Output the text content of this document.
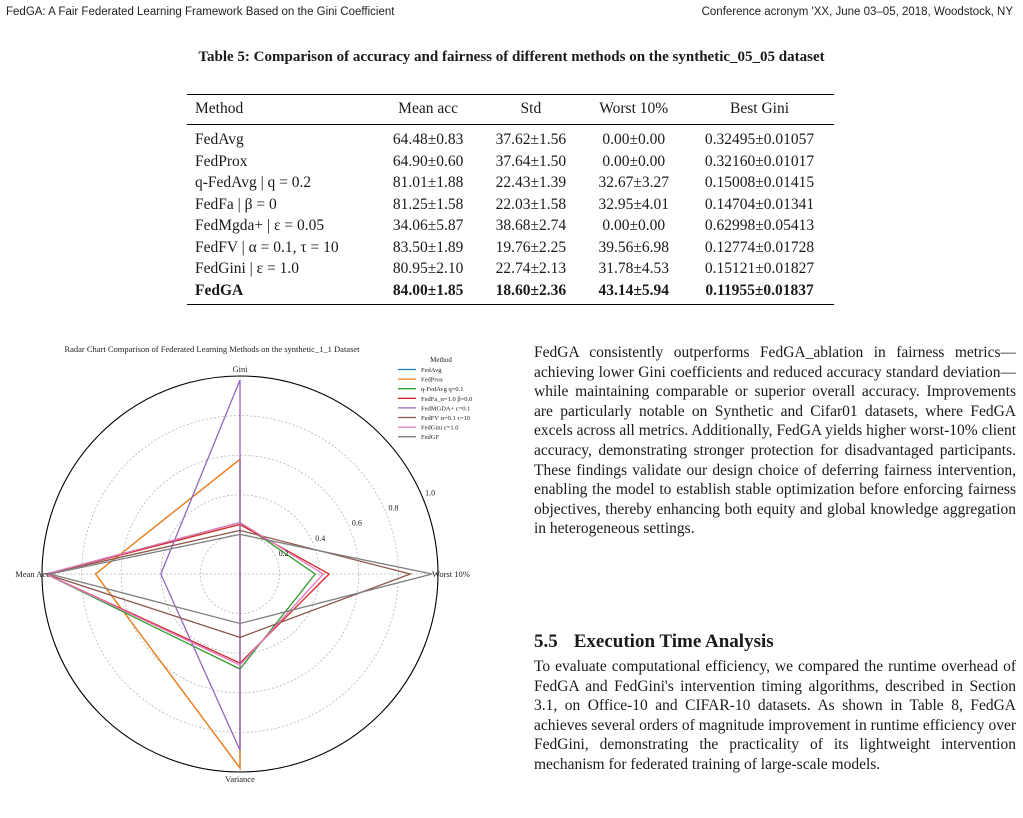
FedGA: A Fair Federated Learning Framework Based on the Gini Coefficient	Conference acronym 'XX, June 03–05, 2018, Woodstock, NY
Table 5: Comparison of accuracy and fairness of different methods on the synthetic_05_05 dataset
Method	Mean acc	Std	Worst 10%	Best Gini
FedAvg	64.48±0.83	37.62±1.56	0.00±0.00	0.32495±0.01057
FedProx	64.90±0.60	37.64±1.50	0.00±0.00	0.32160±0.01017
q-FedAvg | q = 0.2	81.01±1.88	22.43±1.39	32.67±3.27	0.15008±0.01415
FedFa | β = 0	81.25±1.58	22.03±1.58	32.95±4.01	0.14704±0.01341
FedMgda+ | ε = 0.05	34.06±5.87	38.68±2.74	0.00±0.00	0.62998±0.05413
FedFV | α = 0.1, τ = 10	83.50±1.89	19.76±2.25	39.56±6.98	0.12774±0.01728
FedGini | ε = 1.0	80.95±2.10	22.74±2.13	31.78±4.53	0.15121±0.01827
FedGA	84.00±1.85	18.60±2.36	43.14±5.94	0.11955±0.01837
Radar Chart Comparison of Federated Learning Methods on the synthetic_1_1 Dataset
0.2
0.4
0.6
0.8
1.0
Gini
Worst 10%
Variance
Mean Acc
Method
FedAvg
FedProx
q-FedAvg q=0.1
FedFa_α=1.0 β=0.0
FedMGDA+ ε=0.1
FedFV α=0.1 τ=10
FedGini ε=1.0
FedGF
FedGA consistently outperforms FedGA_ablation in fairness metrics—achieving lower Gini coefficients and reduced accuracy standard deviation—while maintaining comparable or superior overall accuracy. Improvements are particularly notable on Synthetic and Cifar01 datasets, where FedGA excels across all metrics. Additionally, FedGA yields higher worst-10% client accuracy, demonstrating stronger protection for disadvantaged participants. These findings validate our design choice of deferring fairness intervention, enabling the model to establish stable optimization before enforcing fairness objectives, thereby enhancing both equity and global knowledge aggregation in heterogeneous settings.
5.5 Execution Time Analysis
To evaluate computational efficiency, we compared the runtime overhead of FedGA and FedGini's intervention timing algorithms, described in Section 3.1, on Office-10 and CIFAR-10 datasets. As shown in Table 8, FedGA achieves several orders of magnitude improvement in runtime efficiency over FedGini, demonstrating the practicality of its lightweight intervention mechanism for federated training of large-scale models.
